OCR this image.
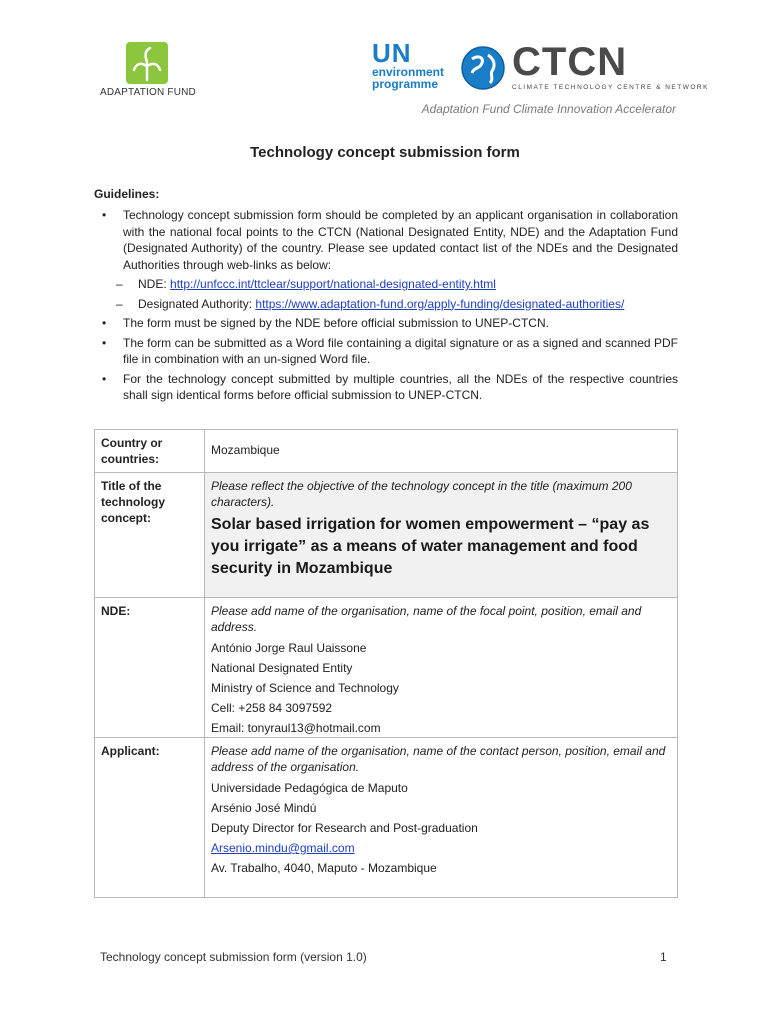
ADAPTATION FUND
UN
environment
programme	CTCN
CLIMATE TECHNOLOGY CENTRE & NETWORK
Adaptation Fund Climate Innovation Accelerator
Technology concept submission form
Guidelines:
• Technology concept submission form should be completed by an applicant organisation in collaboration with the national focal points to the CTCN (National Designated Entity, NDE) and the Adaptation Fund (Designated Authority) of the country. Please see updated contact list of the NDEs and the Designated Authorities through web-links as below:
– NDE: http://unfccc.int/ttclear/support/national-designated-entity.html
– Designated Authority: https://www.adaptation-fund.org/apply-funding/designated-authorities/
• The form must be signed by the NDE before official submission to UNEP-CTCN.
• The form can be submitted as a Word file containing a digital signature or as a signed and scanned PDF file in combination with an un-signed Word file.
• For the technology concept submitted by multiple countries, all the NDEs of the respective countries shall sign identical forms before official submission to UNEP-CTCN.
Country or countries:
Mozambique
Title of the technology concept:
Please reflect the objective of the technology concept in the title (maximum 200 characters).
Solar based irrigation for women empowerment – “pay as you irrigate” as a means of water management and food security in Mozambique
NDE:	Please add name of the organisation, name of the focal point, position, email and address.
António Jorge Raul Uaissone
National Designated Entity
Ministry of Science and Technology
Cell: +258 84 3097592
Email: tonyraul13@hotmail.com
Applicant:	Please add name of the organisation, name of the contact person, position, email and address of the organisation.
Universidade Pedagógica de Maputo
Arsénio José Mindú
Deputy Director for Research and Post-graduation
Arsenio.mindu@gmail.com
Av. Trabalho, 4040, Maputo - Mozambique
Technology concept submission form (version 1.0)	1
